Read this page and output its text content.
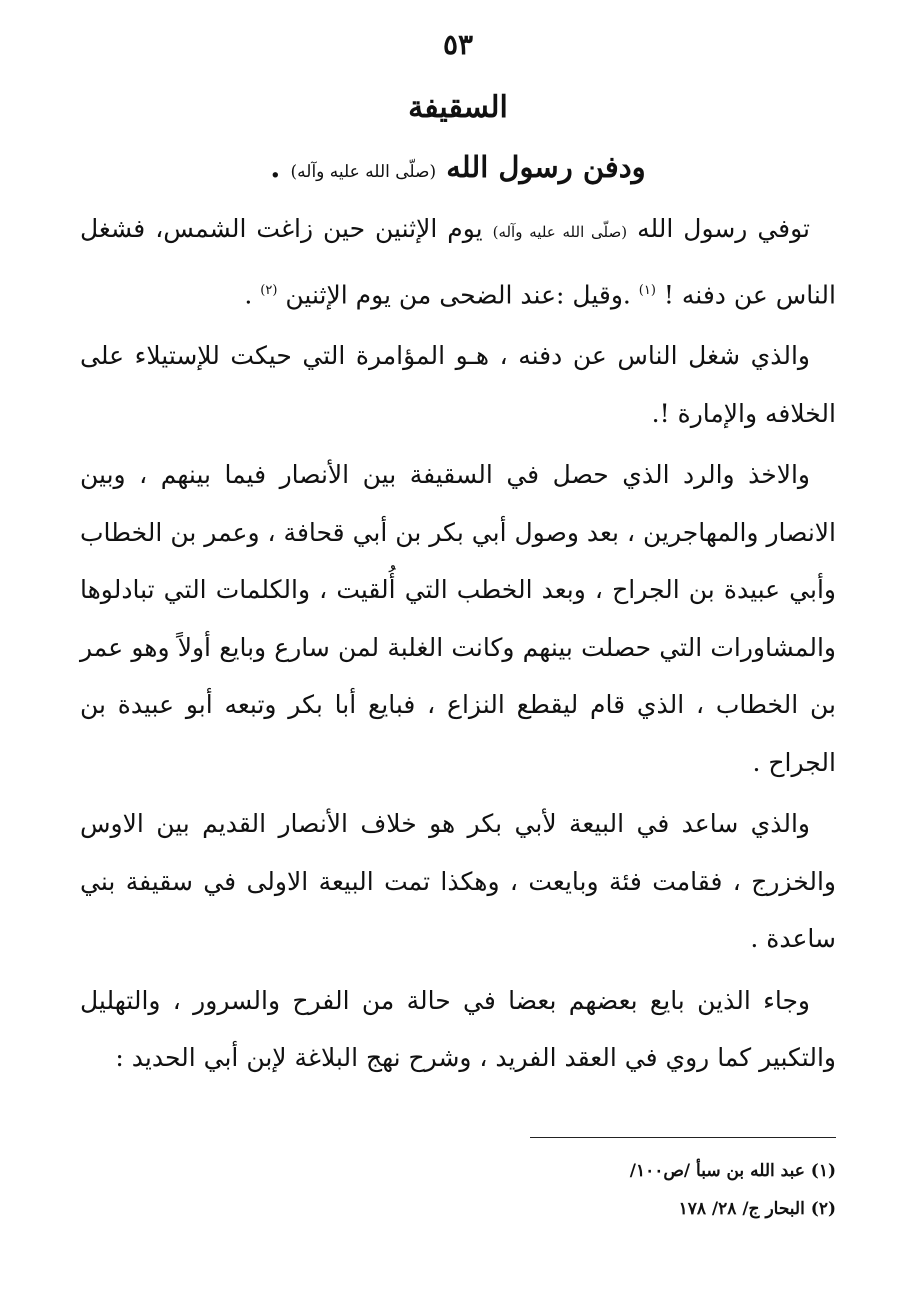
٥٣
السقيفة
ودفن رسول الله (صلّى الله عليه وآله) .

توفي رسول الله (صلّى الله عليه وآله) يوم الإثنين حين زاغت الشمس، فشغل الناس عن دفنه ! $^{(١)}$ .وقيل :عند الضحى من يوم الإثنين $^{(٢)}$ .

والذي شغل الناس عن دفنه ، هـو المؤامرة التي حيكت للإستيلاء على الخلافه والإمارة !.

والاخذ والرد الذي حصل في السقيفة بين الأنصار فيما بينهم ، وبين الانصار والمهاجرين ، بعد وصول أبي بكر بن أبي قحافة ، وعمر بن الخطاب وأبي عبيدة بن الجراح ، وبعد الخطب التي أُلقيت ، والكلمات التي تبادلوها والمشاورات التي حصلت بينهم وكانت الغلبة لمن سارع وبايع أولاً وهو عمر بن الخطاب ، الذي قام ليقطع النزاع ، فبايع أبا بكر وتبعه أبو عبيدة بن الجراح .

والذي ساعد في البيعة لأبي بكر هو خلاف الأنصار القديم بين الاوس والخزرج ، فقامت فئة وبايعت ، وهكذا تمت البيعة الاولى في سقيفة بني ساعدة .

وجاء الذين بايع بعضهم بعضا في حالة من الفرح والسرور ، والتهليل والتكبير كما روي في العقد الفريد ، وشرح نهج البلاغة لإبن أبي الحديد :

(١) عبد الله بن سبأ /ص١٠٠/
(٢) البحار ج/ ٢٨/ ١٧٨
